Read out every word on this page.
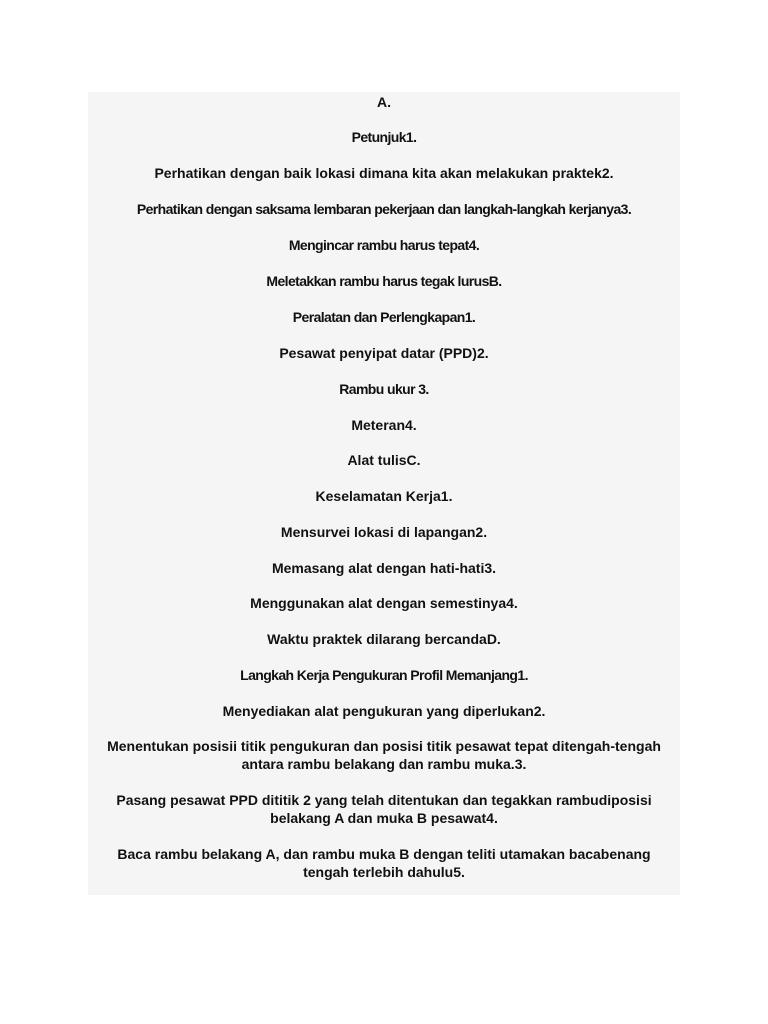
A.
Petunjuk1.
Perhatikan dengan baik lokasi dimana kita akan melakukan praktek2.
Perhatikan dengan saksama lembaran pekerjaan dan langkah-langkah kerjanya3.
Mengincar rambu harus tepat4.
Meletakkan rambu harus tegak lurusB.
Peralatan dan Perlengkapan1.
Pesawat penyipat datar (PPD)2.
Rambu ukur 3.
Meteran4.
Alat tulisC.
Keselamatan Kerja1.
Mensurvei lokasi di lapangan2.
Memasang alat dengan hati-hati3.
Menggunakan alat dengan semestinya4.
Waktu praktek dilarang bercandaD.
Langkah Kerja Pengukuran Profil Memanjang1.
Menyediakan alat pengukuran yang diperlukan2.
Menentukan posisii titik pengukuran dan posisi titik pesawat tepat ditengah-tengah antara rambu belakang dan rambu muka.3.
Pasang pesawat PPD dititik 2 yang telah ditentukan dan tegakkan rambudiposisi belakang A dan muka B pesawat4.
Baca rambu belakang A, dan rambu muka B dengan teliti utamakan bacabenang tengah terlebih dahulu5.
